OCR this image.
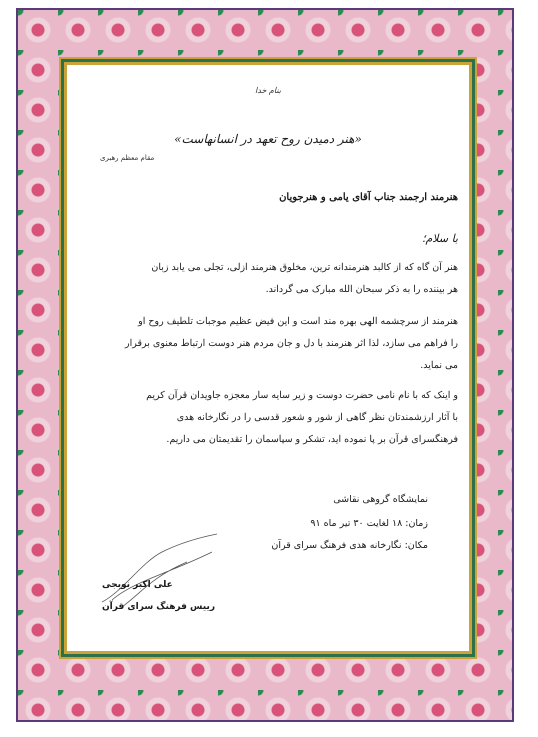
بنام خدا
«هنر دمیدن روح تعهد در انسانهاست»
مقام معظم رهبری
هنرمند ارجمند جناب آقای یامی و هنرجویان
با سلام؛
هنر آن گاه که از کالبد هنرمندانه ترین، مخلوق هنرمند ازلی، تجلی می یابد زبان
هر بیننده را به ذکر سبحان الله مبارک می گرداند.
هنرمند از سرچشمه الهی بهره مند است و این فیض عظیم موجبات تلطیف روح او
را فراهم می سازد، لذا اثر هنرمند با دل و جان مردم هنر دوست ارتباط معنوی برقرار
می نماید.
و اینک که با نام نامی حضرت دوست و زیر سایه سار معجزه جاویدان قرآن کریم
با آثار ارزشمندتان نظر گاهی از شور و شعور قدسی را در نگارخانه هدی
فرهنگسرای قرآن بر پا نموده اید، تشکر و سپاسمان را تقدیمتان می داریم.
نمایشگاه گروهی نقاشی
زمان: ۱۸ لغایت ۳۰ تیر ماه ۹۱
مکان: نگارخانه هدی فرهنگ سرای قرآن
علی اکبر نوبجی
رییس فرهنگ سرای قرآن
